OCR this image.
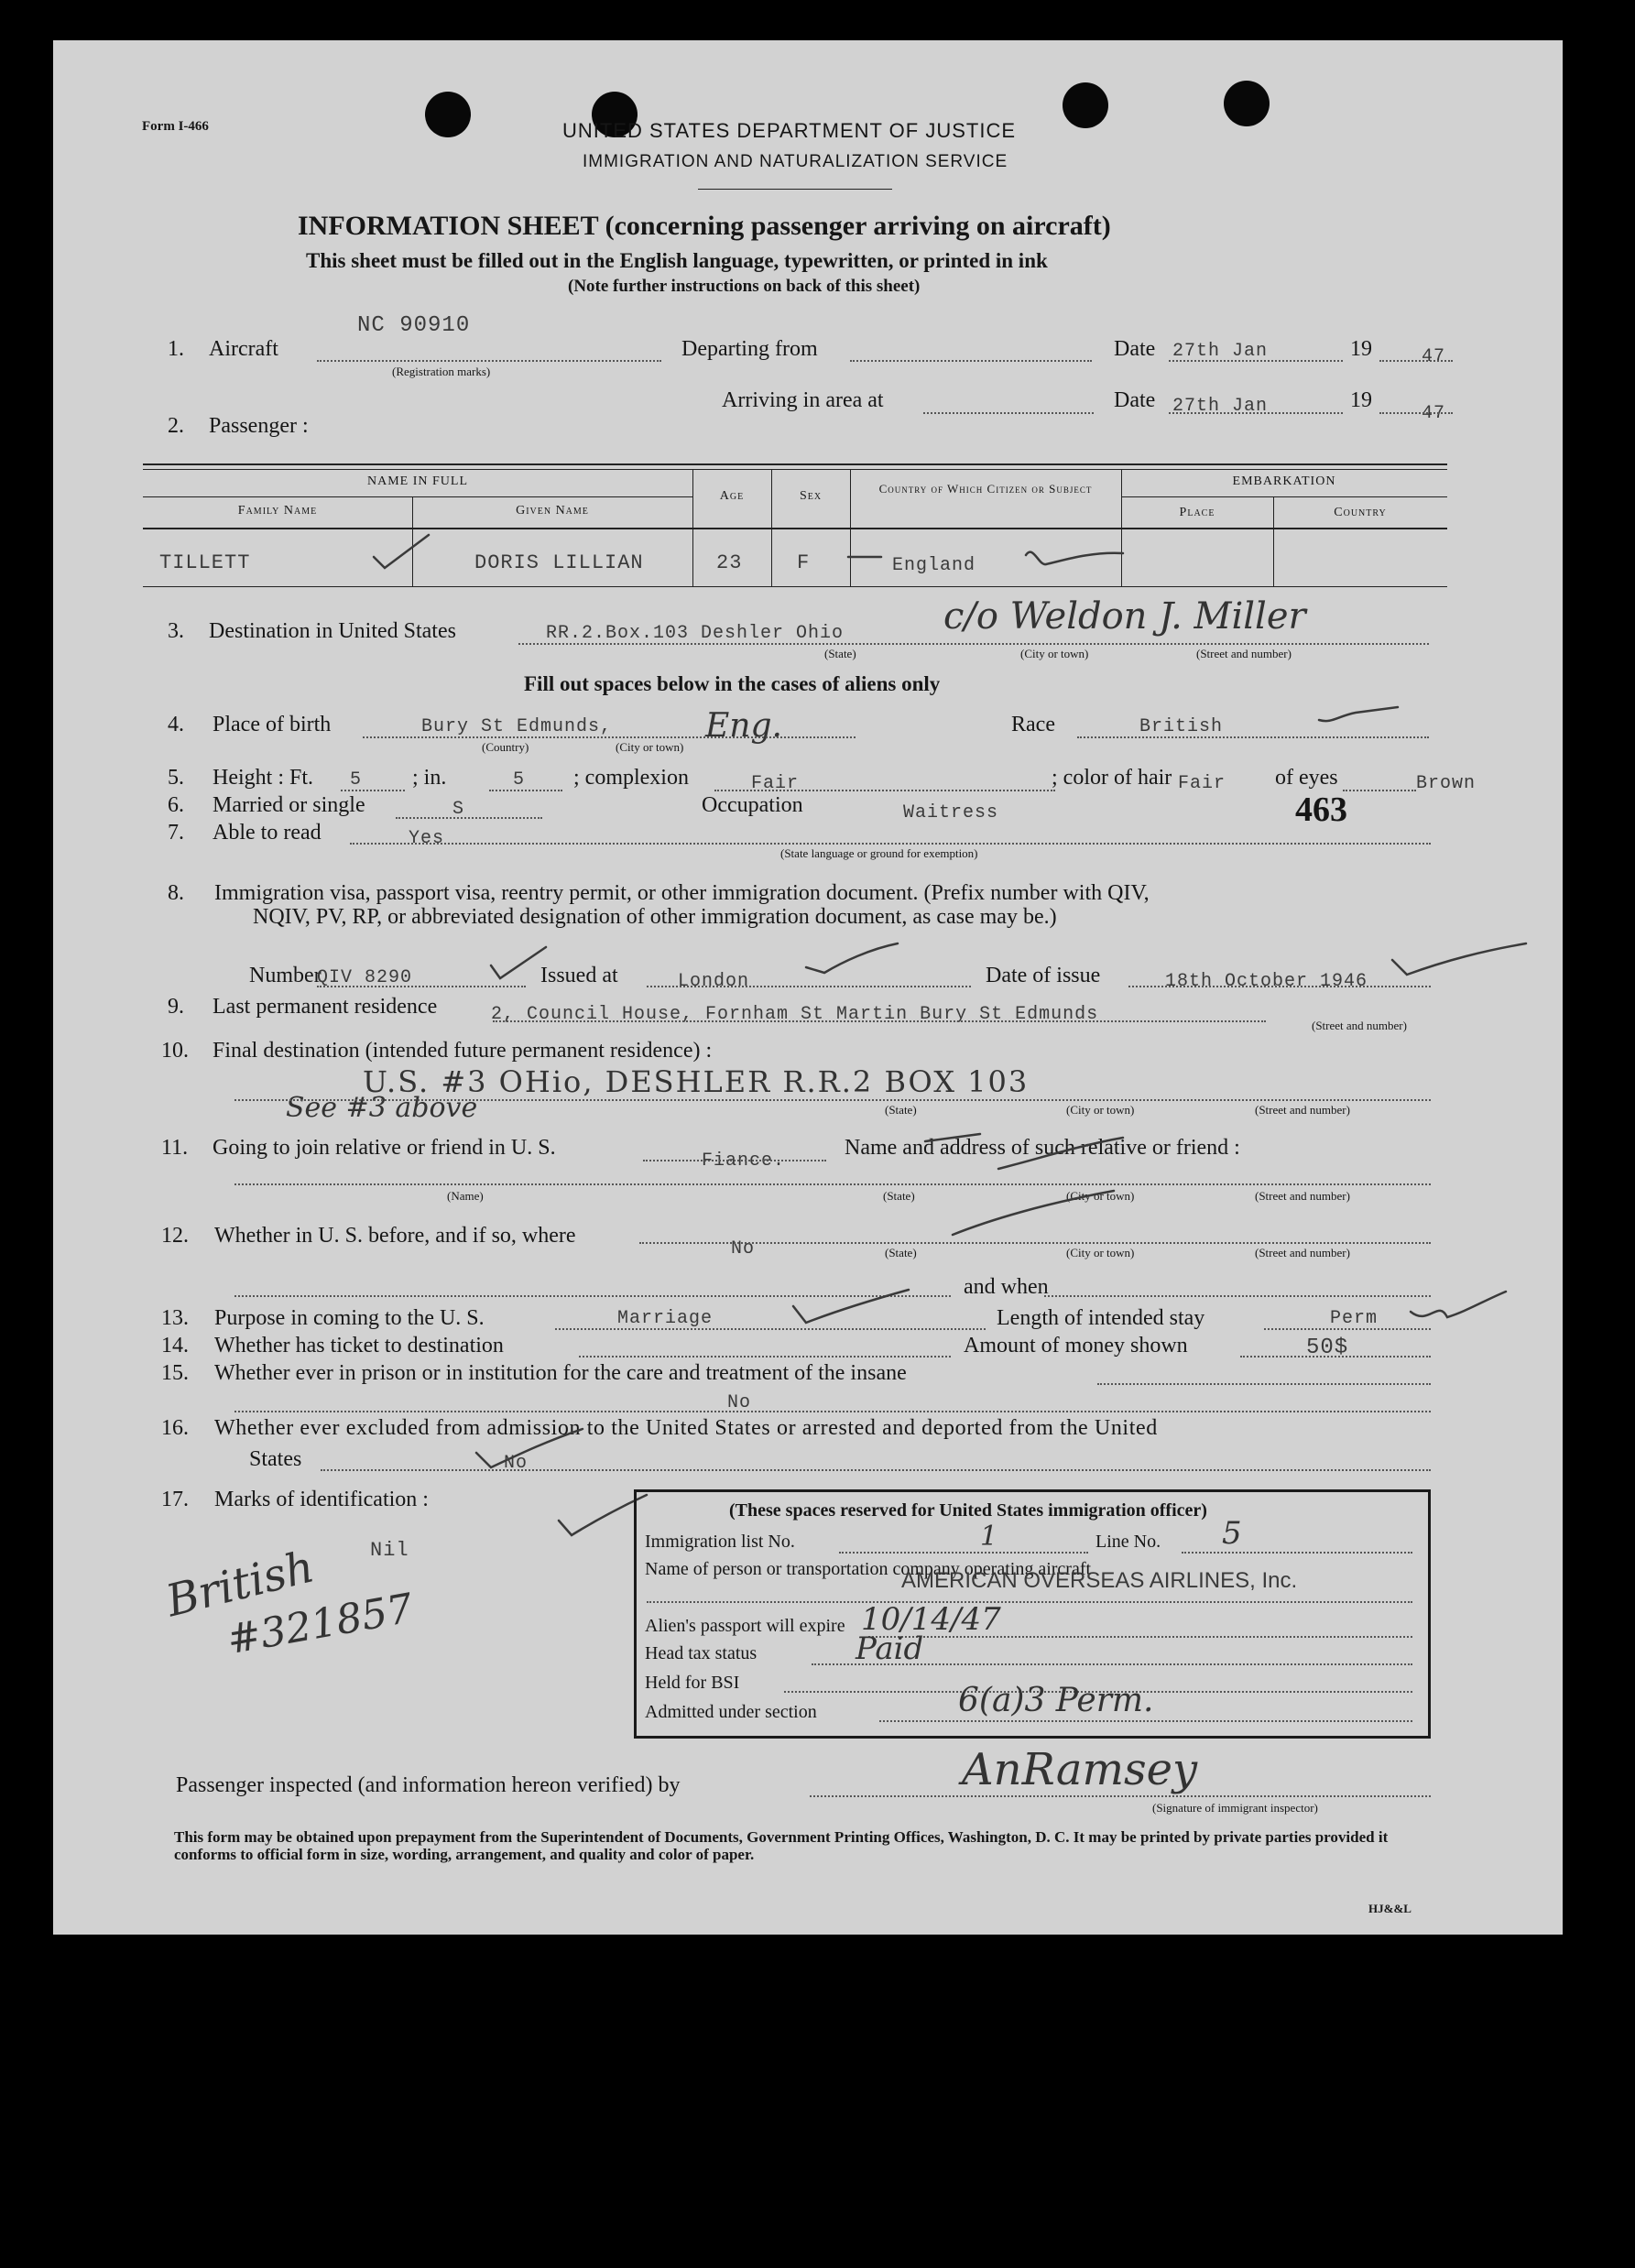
Form I-466	UNITED STATES DEPARTMENT OF JUSTICE
IMMIGRATION AND NATURALIZATION SERVICE
INFORMATION SHEET (concerning passenger arriving on aircraft)
This sheet must be filled out in the English language, typewritten, or printed in ink
(Note further instructions on back of this sheet)
NC 90910
1. Aircraft
(Registration marks)
Departing from	Date 27th Jan	19	47
Arriving in area at	Date 27th Jan	19
47
2. Passenger :
NAME IN FULL
Family Name	Given Name
Age	Sex
Country of Which Citizen or Subject
EMBARKATION
Place	Country
TILLETT	DORIS LILLIAN	23	F	England
3. Destination in United States	RR.2.Box.103 Deshler Ohio	c/o Weldon J. Miller
(State)	(City or town)	(Street and number)
Fill out spaces below in the cases of aliens only
4. Place of birth	Bury St Edmunds,	Eng.
(Country)	(City or town)
Race	British
5. Height : Ft. 5 ; in.	5 ; complexion	Fair	; color of hair Fair of eyes	Brown
6. Married or single	S	Occupation	Waitress	463
7. Able to read	Yes
(State language or ground for exemption)
8. Immigration visa, passport visa, reentry permit, or other immigration document. (Prefix number with QIV,
NQIV, PV, RP, or abbreviated designation of other immigration document, as case may be.)
Number
QIV 8290	Issued at	London	Date of issue	18th October 1946
9. Last permanent residence	2, Council House, Fornham St Martin Bury St Edmunds
(Street and number)
10. Final destination (intended future permanent residence) :
U.S. #3 OHio, DESHLER R.R.2 BOX 103
See #3 above	(State)	(City or town)	(Street and number)
11. Going to join relative or friend in U. S.
Fiance.
Name and address of such relative or friend :
(Name)	(State)	(City or town)	(Street and number)
12. Whether in U. S. before, and if so, where
No	(State)	(City or town)	(Street and number)
and when
13. Purpose in coming to the U. S.	Marriage	Length of intended stay	Perm
14. Whether has ticket to destination	Amount of money shown	50$
15. Whether ever in prison or in institution for the care and treatment of the insane
No
16. Whether ever excluded from admission to the United States or arrested and deported from the United
States	No
17. Marks of identification :
Nil
British
#321857
(These spaces reserved for United States immigration officer)
Immigration list No.	1	Line No. 5
Name of person or transportation company operating aircraft
AMERICAN OVERSEAS AIRLINES, Inc.
Alien's passport will expire 10/14/47
Head tax status	Paid
Held for BSI
Admitted under section	6(a)3 Perm.
Passenger inspected (and information hereon verified) by	AnRamsey
(Signature of immigrant inspector)
This form may be obtained upon prepayment from the Superintendent of Documents, Government Printing Offices, Washington, D. C. It may be printed by private parties provided it conforms to official form in size, wording, arrangement, and quality and color of paper.
HJ&&L
